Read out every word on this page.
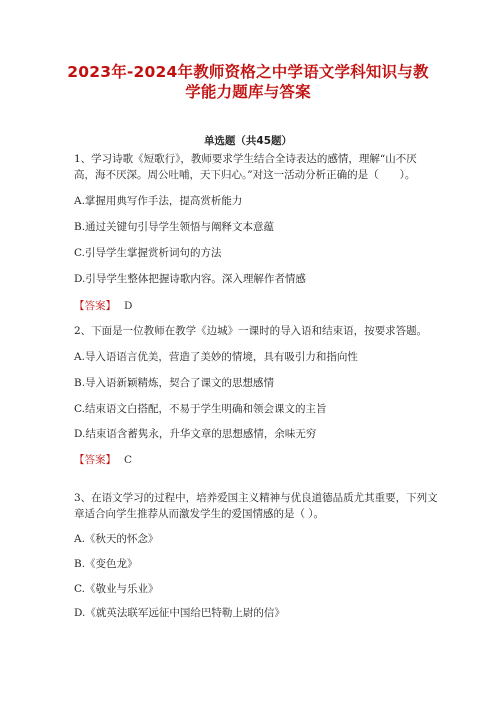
2023年-2024年教师资格之中学语文学科知识与教
学能力题库与答案
单选题（共45题）
1、学习诗歌《短歌行》，教师要求学生结合全诗表达的感情，理解“山不厌
高，海不厌深。周公吐哺，天下归心。”对这一活动分析正确的是（　　）。
A.掌握用典写作手法，提高赏析能力
B.通过关键句引导学生领悟与阐释文本意蕴
C.引导学生掌握赏析词句的方法
D.引导学生整体把握诗歌内容。深入理解作者情感
【答案】 D
2、下面是一位教师在教学《边城》一课时的导入语和结束语，按要求答题。
A.导入语语言优美，营造了美妙的情境，具有吸引力和指向性
B.导入语新颖精炼，契合了课文的思想感情
C.结束语文白搭配，不易于学生明确和领会课文的主旨
D.结束语含蓄隽永，升华文章的思想感情，余味无穷
【答案】 C
3、在语文学习的过程中，培养爱国主义精神与优良道德品质尤其重要，下列文
章适合向学生推荐从而激发学生的爱国情感的是（ ）。
A.《秋天的怀念》
B.《变色龙》
C.《敬业与乐业》
D.《就英法联军远征中国给巴特勒上尉的信》
